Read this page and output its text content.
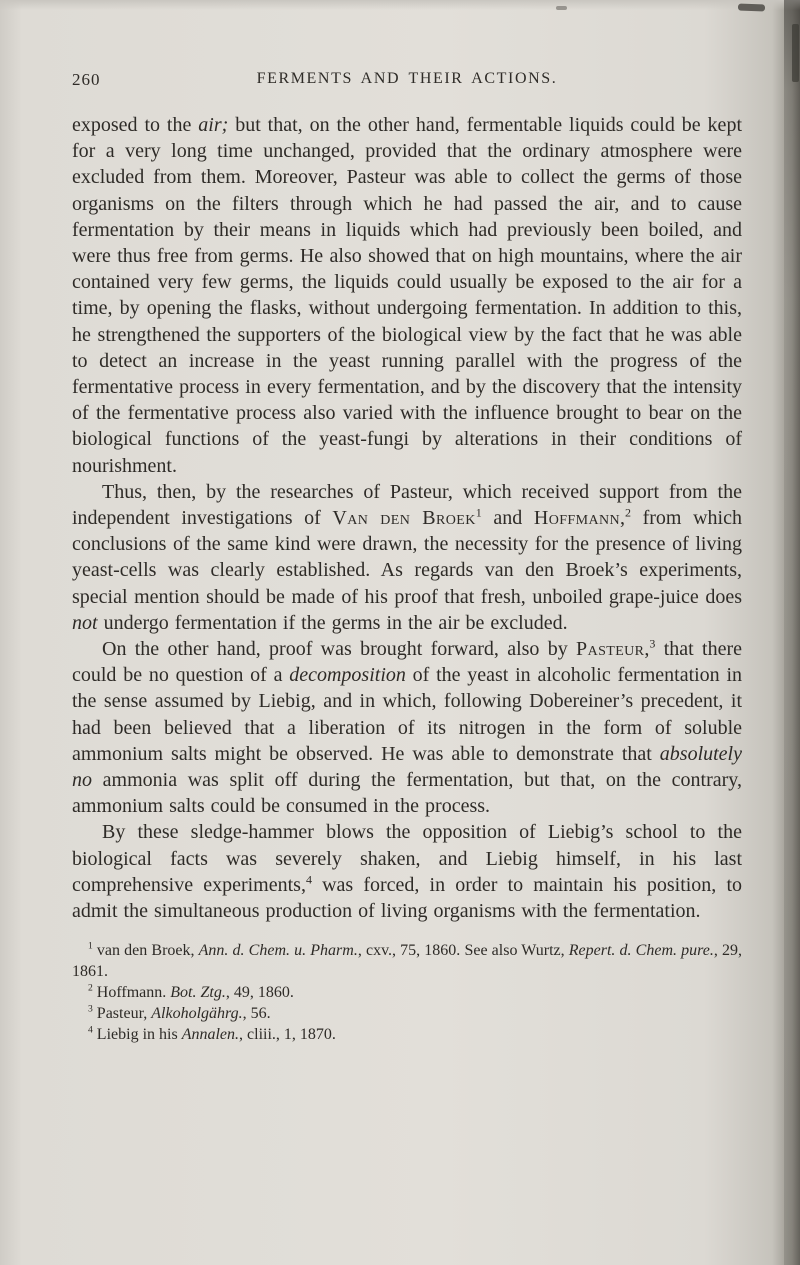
260	FERMENTS AND THEIR ACTIONS.

exposed to the air; but that, on the other hand, fermentable liquids could be kept for a very long time unchanged, provided that the ordinary atmosphere were excluded from them. Moreover, Pasteur was able to collect the germs of those organisms on the filters through which he had passed the air, and to cause fermentation by their means in liquids which had previously been boiled, and were thus free from germs. He also showed that on high mountains, where the air contained very few germs, the liquids could usually be exposed to the air for a time, by opening the flasks, without undergoing fermentation. In addition to this, he strengthened the supporters of the biological view by the fact that he was able to detect an increase in the yeast running parallel with the progress of the fermentative process in every fermentation, and by the discovery that the intensity of the fermentative process also varied with the influence brought to bear on the biological functions of the yeast-fungi by alterations in their conditions of nourishment.

Thus, then, by the researches of Pasteur, which received support from the independent investigations of Van den Broek$^1$ and Hoffmann,$^2$ from which conclusions of the same kind were drawn, the necessity for the presence of living yeast-cells was clearly established. As regards van den Broek’s experiments, special mention should be made of his proof that fresh, unboiled grape-juice does not undergo fermentation if the germs in the air be excluded.

On the other hand, proof was brought forward, also by Pasteur,$^3$ that there could be no question of a decomposition of the yeast in alcoholic fermentation in the sense assumed by Liebig, and in which, following Dobereiner’s precedent, it had been believed that a liberation of its nitrogen in the form of soluble ammonium salts might be observed. He was able to demonstrate that absolutely no ammonia was split off during the fermentation, but that, on the contrary, ammonium salts could be consumed in the process.

By these sledge-hammer blows the opposition of Liebig’s school to the biological facts was severely shaken, and Liebig himself, in his last comprehensive experiments,$^4$ was forced, in order to maintain his position, to admit the simultaneous production of living organisms with the fermentation.

$^1$ van den Broek, Ann. d. Chem. u. Pharm., cxv., 75, 1860. See also Wurtz, Repert. d. Chem. pure., 29, 1861.

$^2$ Hoffmann. Bot. Ztg., 49, 1860.

$^3$ Pasteur, Alkoholgährg., 56.

$^4$ Liebig in his Annalen., cliii., 1, 1870.
